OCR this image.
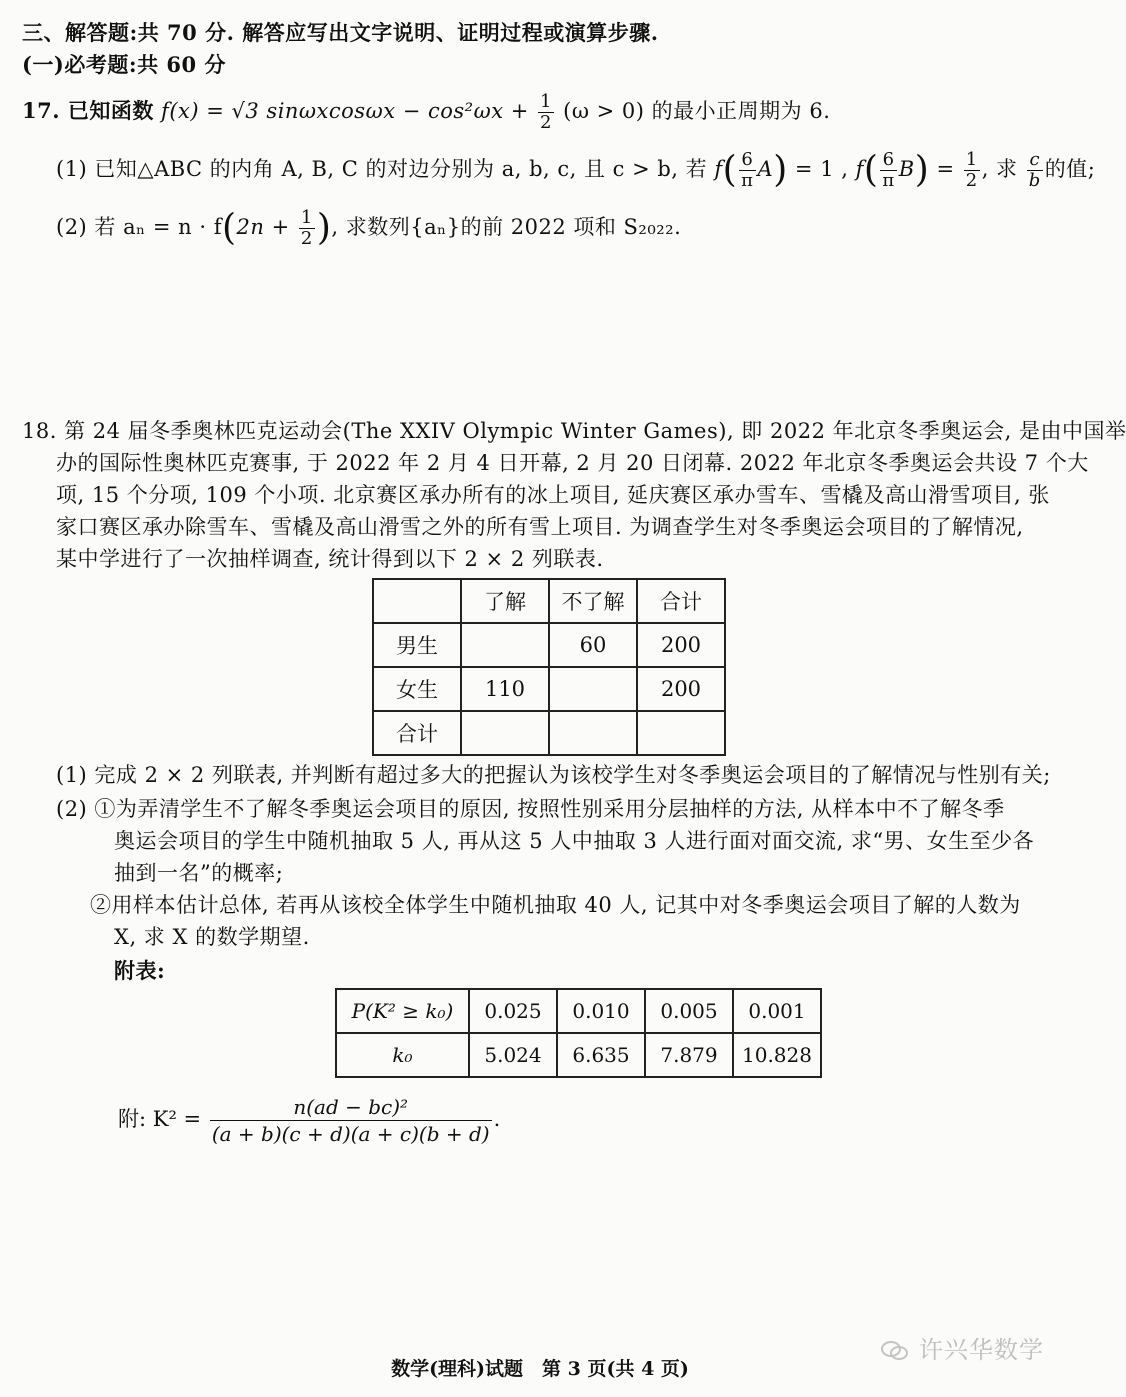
三、解答题:共 70 分. 解答应写出文字说明、证明过程或演算步骤.
(一)必考题:共 60 分
17. 已知函数 f(x) = √3 $\sin\omega xcos\omega x - \cos^2\omega x + \frac{1}{2} (\omega > 0)$ 的最小正周期为 6.
(1) 已知△ABC 的内角 A, B, C 的对边分别为 a, b, c, 且 c > b, 若 $f( \frac{6}{\pi} A) = 1$ , $f( \frac{6}{\pi} B) = \frac{1}{2}$ , 求 $\frac{c}{b}$ 的值;
(2) 若 $a_n = n \cdot f(2n + \frac{1}{2}$ ), 求数列{aₙ}的前 2022 项和 S₂₀₂₂.
18. 第 24 届冬季奥林匹克运动会(The XXIV Olympic Winter Games), 即 2022 年北京冬季奥运会, 是由中国举
办的国际性奥林匹克赛事, 于 2022 年 2 月 4 日开幕, 2 月 20 日闭幕. 2022 年北京冬季奥运会共设 7 个大
项, 15 个分项, 109 个小项. 北京赛区承办所有的冰上项目, 延庆赛区承办雪车、雪橇及高山滑雪项目, 张
家口赛区承办除雪车、雪橇及高山滑雪之外的所有雪上项目. 为调查学生对冬季奥运会项目的了解情况,
某中学进行了一次抽样调查, 统计得到以下 2 × 2 列联表.
	了解	不了解	合计
男生		60	200
女生	110		200
合计			
(1) 完成 2 × 2 列联表, 并判断有超过多大的把握认为该校学生对冬季奥运会项目的了解情况与性别有关;
(2) ①为弄清学生不了解冬季奥运会项目的原因, 按照性别采用分层抽样的方法, 从样本中不了解冬季
奥运会项目的学生中随机抽取 5 人, 再从这 5 人中抽取 3 人进行面对面交流, 求“男、女生至少各
抽到一名”的概率;
②用样本估计总体, 若再从该校全体学生中随机抽取 40 人, 记其中对冬季奥运会项目了解的人数为
X, 求 X 的数学期望.
附表:
P(K² ≥ k₀)	0.025	0.010	0.005	0.001
k₀	5.024	6.635	7.879	10.828
附: $K^2 = \frac{\text{n(ad − bc)²}}{(a + b)(c + d)(a + c)(b + d)}$ .
许兴华数学
数学(理科)试题　第 3 页(共 4 页)
